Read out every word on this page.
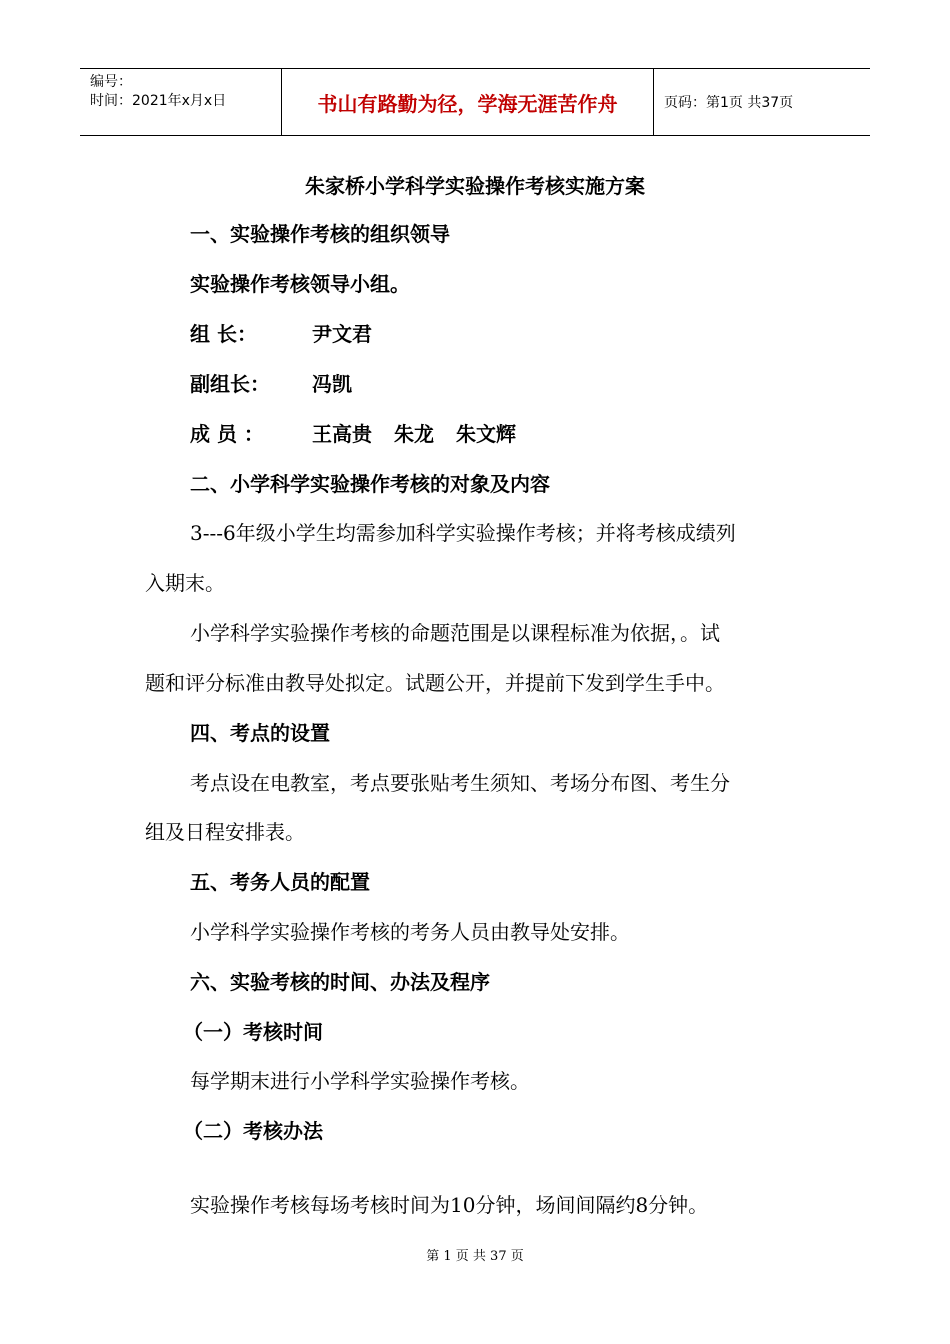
编号：
时间：2021年x月x日	书山有路勤为径，学海无涯苦作舟	页码：第1页 共37页
朱家桥小学科学实验操作考核实施方案
一、实验操作考核的组织领导
实验操作考核领导小组。
组 长：	尹文君
副组长： 冯凯
成 员 ： 王高贵 朱龙 朱文辉
二、小学科学实验操作考核的对象及内容
3---6年级小学生均需参加科学实验操作考核；并将考核成绩列
入期末。
小学科学实验操作考核的命题范围是以课程标准为依据，。试
题和评分标准由教导处拟定。试题公开，并提前下发到学生手中。
四、考点的设置
考点设在电教室，考点要张贴考生须知、考场分布图、考生分
组及日程安排表。
五、考务人员的配置
小学科学实验操作考核的考务人员由教导处安排。
六、实验考核的时间、办法及程序
（一）考核时间
每学期末进行小学科学实验操作考核。
（二）考核办法
实验操作考核每场考核时间为10分钟，场间间隔约8分钟。
第 1 页 共 37 页
